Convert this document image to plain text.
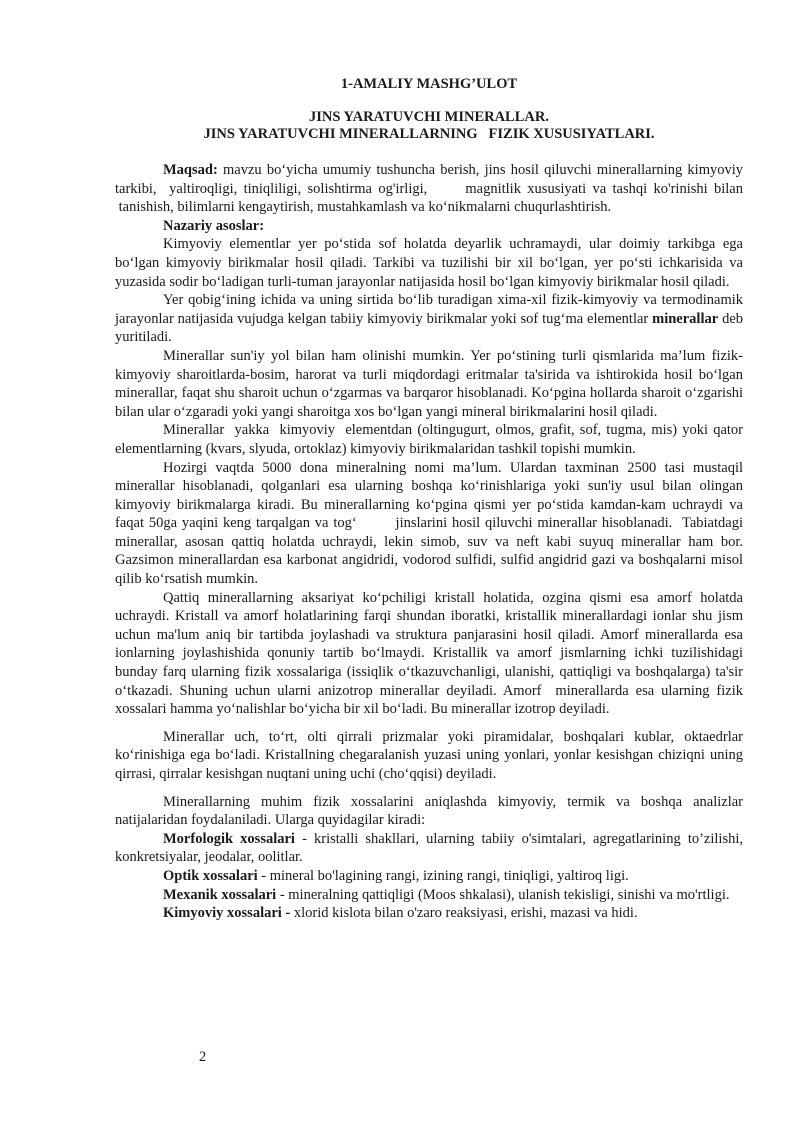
1-AMALIY MASHG’ULOT

JINS YARATUVCHI MINERALLAR.

JINS YARATUVCHI MINERALLARNING   FIZIK XUSUSIYATLARI.

Maqsad: mavzu bo‘yicha umumiy tushuncha berish, jins hosil qiluvchi minerallarning kimyoviy tarkibi,  yaltiroqligi, tiniqliligi, solishtirma og'irligi,      magnitlik xususiyati va tashqi ko'rinishi bilan  tanishish, bilimlarni kengaytirish, mustahkamlash va ko‘nikmalarni chuqurlashtirish.

Nazariy asoslar:

Kimyoviy elementlar yer po‘stida sof holatda deyarlik uchramaydi, ular doimiy tarkibga ega bo‘lgan kimyoviy birikmalar hosil qiladi. Tarkibi va tuzilishi bir xil bo‘lgan, yer po‘sti ichkarisida va yuzasida sodir bo‘ladigan turli-tuman jarayonlar natijasida hosil bo‘lgan kimyoviy birikmalar hosil qiladi.

Yer qobig‘ining ichida va uning sirtida bo‘lib turadigan xima-xil fizik-kimyoviy va termodinamik jarayonlar natijasida vujudga kelgan tabiiy kimyoviy birikmalar yoki sof tug‘ma elementlar minerallar deb yuritiladi.

Minerallar sun'iy yol bilan ham olinishi mumkin. Yer po‘stining turli qismlarida ma’lum fizik-kimyoviy sharoitlarda-bosim, harorat va turli miqdordagi eritmalar ta'sirida va ishtirokida hosil bo‘lgan minerallar, faqat shu sharoit uchun o‘zgarmas va barqaror hisoblanadi. Ko‘pgina hollarda sharoit o‘zgarishi bilan ular o‘zgaradi yoki yangi sharoitga xos bo‘lgan yangi mineral birikmalarini hosil qiladi.

Minerallar  yakka  kimyoviy  elementdan (oltingugurt, olmos, grafit, sof, tugma, mis) yoki qator elementlarning (kvars, slyuda, ortoklaz) kimyoviy birikmalaridan tashkil topishi mumkin.

Hozirgi vaqtda 5000 dona mineralning nomi ma’lum. Ulardan taxminan 2500 tasi mustaqil minerallar hisoblanadi, qolganlari esa ularning boshqa ko‘rinishlariga yoki sun'iy usul bilan olingan kimyoviy birikmalarga kiradi. Bu minerallarning ko‘pgina qismi yer po‘stida kamdan-kam uchraydi va faqat 50ga yaqini keng tarqalgan va tog‘        jinslarini hosil qiluvchi minerallar hisoblanadi.  Tabiatdagi minerallar, asosan qattiq holatda uchraydi, lekin simob, suv va neft kabi suyuq minerallar ham bor. Gazsimon minerallardan esa karbonat angidridi, vodorod sulfidi, sulfid angidrid gazi va boshqalarni misol qilib ko‘rsatish mumkin.

Qattiq minerallarning aksariyat ko‘pchiligi kristall holatida, ozgina qismi esa amorf holatda uchraydi. Kristall va amorf holatlarining farqi shundan iboratki, kristallik minerallardagi ionlar shu jism uchun ma'lum aniq bir tartibda joylashadi va struktura panjarasini hosil qiladi. Amorf minerallarda esa ionlarning joylashishida qonuniy tartib bo‘lmaydi. Kristallik va amorf jismlarning ichki tuzilishidagi bunday farq ularning fizik xossalariga (issiqlik o‘tkazuvchanligi, ulanishi, qattiqligi va boshqalarga) ta'sir o‘tkazadi. Shuning uchun ularni anizotrop minerallar deyiladi. Amorf  minerallarda esa ularning fizik xossalari hamma yo‘nalishlar bo‘yicha bir xil bo‘ladi. Bu minerallar izotrop deyiladi.

Minerallar uch, to‘rt, olti qirrali prizmalar yoki piramidalar, boshqalari kublar, oktaedrlar ko‘rinishiga ega bo‘ladi. Kristallning chegaralanish yuzasi uning yonlari, yonlar kesishgan chiziqni uning qirrasi, qirralar kesishgan nuqtani uning uchi (cho‘qqisi) deyiladi.

Minerallarning muhim fizik xossalarini aniqlashda kimyoviy, termik va boshqa analizlar natijalaridan foydalaniladi. Ularga quyidagilar kiradi:

Morfologik xossalari - kristalli shakllari, ularning tabiiy o'simtalari, agregatlarining to’zilishi, konkretsiyalar, jeodalar, oolitlar.

Optik xossalari - mineral bo'lagining rangi, izining rangi, tiniqligi, yaltiroq ligi.

Mexanik xossalari - mineralning qattiqligi (Moos shkalasi), ulanish tekisligi, sinishi va mo'rtligi.

Kimyoviy xossalari - xlorid kislota bilan o'zaro reaksiyasi, erishi, mazasi va hidi.

2
